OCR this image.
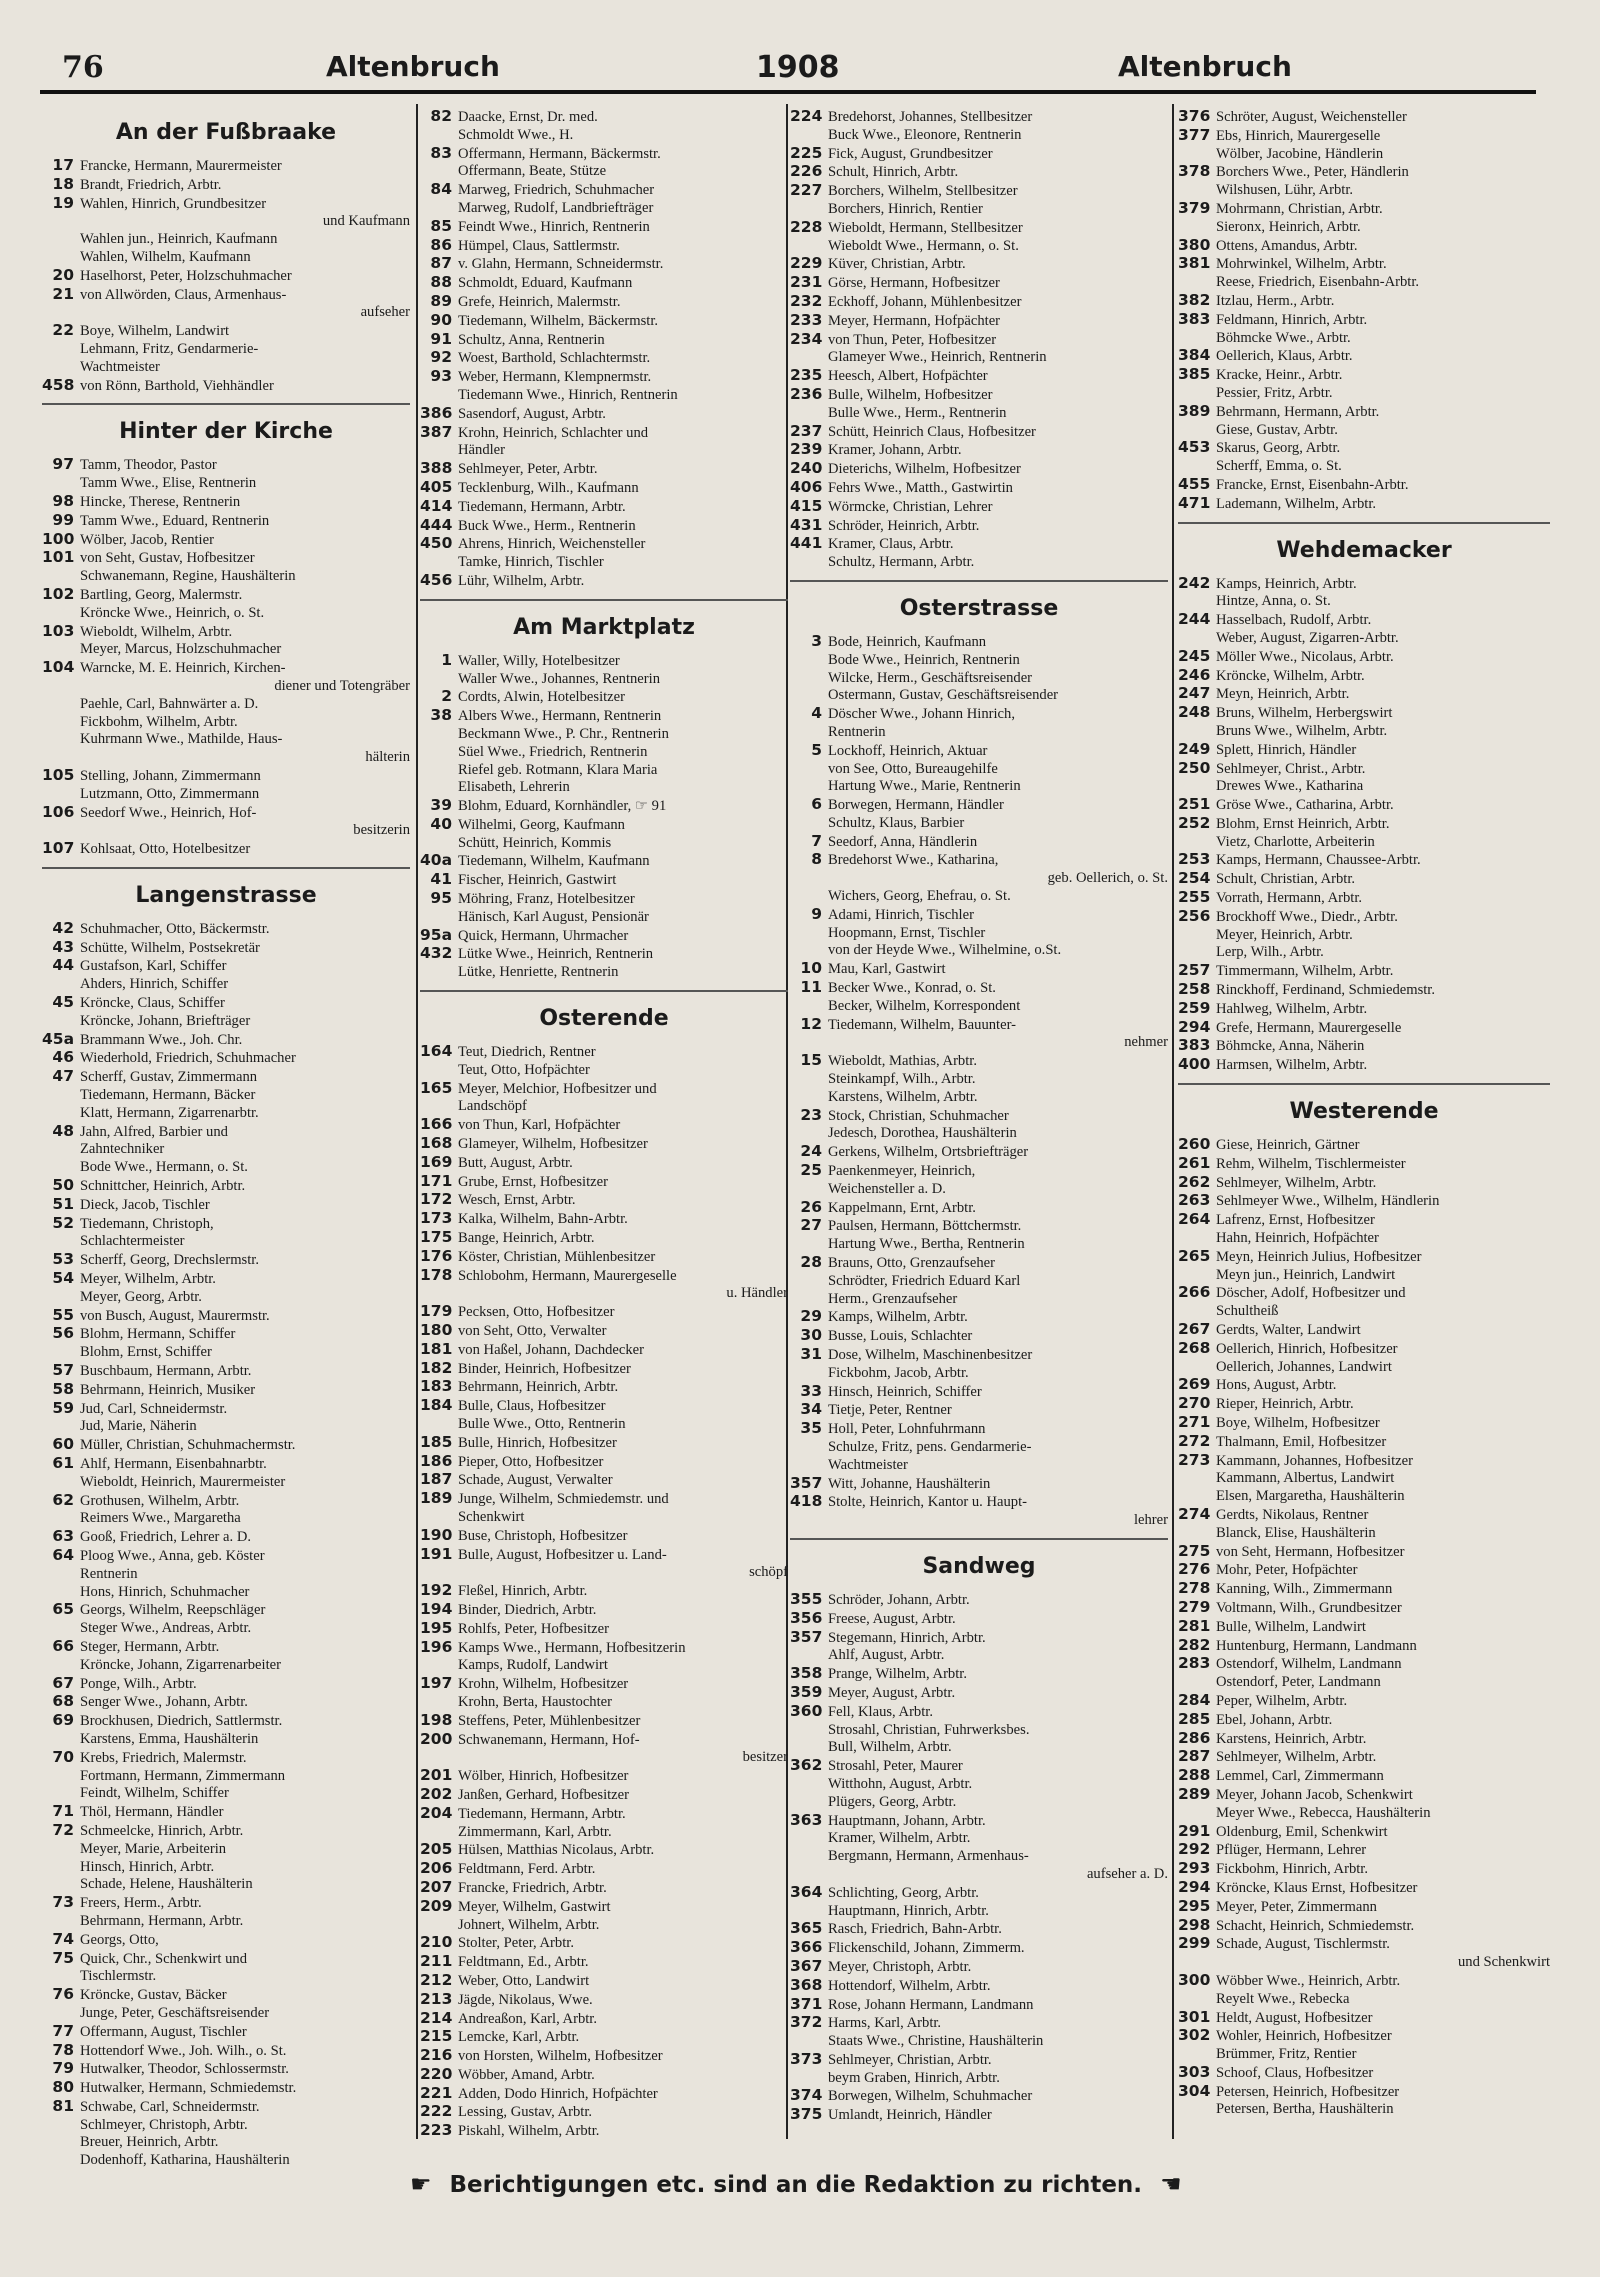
76	Altenbruch	1908	Altenbruch
An der Fußbraake
17 Francke, Hermann, Maurermeister
18 Brandt, Friedrich, Arbtr.
19 Wahlen, Hinrich, Grundbesitzer
und Kaufmann
Wahlen jun., Heinrich, Kaufmann
Wahlen, Wilhelm, Kaufmann
20 Haselhorst, Peter, Holzschuhmacher
21 von Allwörden, Claus, Armenhaus-
aufseher
22 Boye, Wilhelm, Landwirt
Lehmann, Fritz, Gendarmerie-
Wachtmeister
458 von Rönn, Barthold, Viehhändler
Hinter der Kirche
97 Tamm, Theodor, Pastor
Tamm Wwe., Elise, Rentnerin
98 Hincke, Therese, Rentnerin
99 Tamm Wwe., Eduard, Rentnerin
100 Wölber, Jacob, Rentier
101 von Seht, Gustav, Hofbesitzer
Schwanemann, Regine, Haushälterin
102 Bartling, Georg, Malermstr.
Kröncke Wwe., Heinrich, o. St.
103 Wieboldt, Wilhelm, Arbtr.
Meyer, Marcus, Holzschuhmacher
104 Warncke, M. E. Heinrich, Kirchen-
diener und Totengräber
Paehle, Carl, Bahnwärter a. D.
Fickbohm, Wilhelm, Arbtr.
Kuhrmann Wwe., Mathilde, Haus-
hälterin
105 Stelling, Johann, Zimmermann
Lutzmann, Otto, Zimmermann
106 Seedorf Wwe., Heinrich, Hof-
besitzerin
107 Kohlsaat, Otto, Hotelbesitzer
Langenstrasse
42 Schuhmacher, Otto, Bäckermstr.
43 Schütte, Wilhelm, Postsekretär
44 Gustafson, Karl, Schiffer
Ahders, Hinrich, Schiffer
45 Kröncke, Claus, Schiffer
Kröncke, Johann, Briefträger
45a Brammann Wwe., Joh. Chr.
46 Wiederhold, Friedrich, Schuhmacher
47 Scherff, Gustav, Zimmermann
Tiedemann, Hermann, Bäcker
Klatt, Hermann, Zigarrenarbtr.
48 Jahn, Alfred, Barbier und
Zahntechniker
Bode Wwe., Hermann, o. St.
50 Schnittcher, Heinrich, Arbtr.
51 Dieck, Jacob, Tischler
52 Tiedemann, Christoph,
Schlachtermeister
53 Scherff, Georg, Drechslermstr.
54 Meyer, Wilhelm, Arbtr.
Meyer, Georg, Arbtr.
55 von Busch, August, Maurermstr.
56 Blohm, Hermann, Schiffer
Blohm, Ernst, Schiffer
57 Buschbaum, Hermann, Arbtr.
58 Behrmann, Heinrich, Musiker
59 Jud, Carl, Schneidermstr.
Jud, Marie, Näherin
60 Müller, Christian, Schuhmachermstr.
61 Ahlf, Hermann, Eisenbahnarbtr.
Wieboldt, Heinrich, Maurermeister
62 Grothusen, Wilhelm, Arbtr.
Reimers Wwe., Margaretha
63 Gooß, Friedrich, Lehrer a. D.
64 Ploog Wwe., Anna, geb. Köster
Rentnerin
Hons, Hinrich, Schuhmacher
65 Georgs, Wilhelm, Reepschläger
Steger Wwe., Andreas, Arbtr.
66 Steger, Hermann, Arbtr.
Kröncke, Johann, Zigarrenarbeiter
67 Ponge, Wilh., Arbtr.
68 Senger Wwe., Johann, Arbtr.
69 Brockhusen, Diedrich, Sattlermstr.
Karstens, Emma, Haushälterin
70 Krebs, Friedrich, Malermstr.
Fortmann, Hermann, Zimmermann
Feindt, Wilhelm, Schiffer
71 Thöl, Hermann, Händler
72 Schmeelcke, Hinrich, Arbtr.
Meyer, Marie, Arbeiterin
Hinsch, Hinrich, Arbtr.
Schade, Helene, Haushälterin
73 Freers, Herm., Arbtr.
Behrmann, Hermann, Arbtr.
74 Georgs, Otto,
75 Quick, Chr., Schenkwirt und
Tischlermstr.
76 Kröncke, Gustav, Bäcker
Junge, Peter, Geschäftsreisender
77 Offermann, August, Tischler
78 Hottendorf Wwe., Joh. Wilh., o. St.
79 Hutwalker, Theodor, Schlossermstr.
80 Hutwalker, Hermann, Schmiedemstr.
81 Schwabe, Carl, Schneidermstr.
Schlmeyer, Christoph, Arbtr.
Breuer, Heinrich, Arbtr.
Dodenhoff, Katharina, Haushälterin
82 Daacke, Ernst, Dr. med.
Schmoldt Wwe., H.
83 Offermann, Hermann, Bäckermstr.
Offermann, Beate, Stütze
84 Marweg, Friedrich, Schuhmacher
Marweg, Rudolf, Landbriefträger
85 Feindt Wwe., Hinrich, Rentnerin
86 Hümpel, Claus, Sattlermstr.
87 v. Glahn, Hermann, Schneidermstr.
88 Schmoldt, Eduard, Kaufmann
89 Grefe, Heinrich, Malermstr.
90 Tiedemann, Wilhelm, Bäckermstr.
91 Schultz, Anna, Rentnerin
92 Woest, Barthold, Schlachtermstr.
93 Weber, Hermann, Klempnermstr.
Tiedemann Wwe., Hinrich, Rentnerin
386 Sasendorf, August, Arbtr.
387 Krohn, Heinrich, Schlachter und
Händler
388 Sehlmeyer, Peter, Arbtr.
405 Tecklenburg, Wilh., Kaufmann
414 Tiedemann, Hermann, Arbtr.
444 Buck Wwe., Herm., Rentnerin
450 Ahrens, Hinrich, Weichensteller
Tamke, Hinrich, Tischler
456 Lühr, Wilhelm, Arbtr.
Am Marktplatz
1 Waller, Willy, Hotelbesitzer
Waller Wwe., Johannes, Rentnerin
2 Cordts, Alwin, Hotelbesitzer
38 Albers Wwe., Hermann, Rentnerin
Beckmann Wwe., P. Chr., Rentnerin
Süel Wwe., Friedrich, Rentnerin
Riefel geb. Rotmann, Klara Maria
Elisabeth, Lehrerin
39 Blohm, Eduard, Kornhändler, ☞ 91
40 Wilhelmi, Georg, Kaufmann
Schütt, Heinrich, Kommis
40a Tiedemann, Wilhelm, Kaufmann
41 Fischer, Heinrich, Gastwirt
95 Möhring, Franz, Hotelbesitzer
Hänisch, Karl August, Pensionär
95a Quick, Hermann, Uhrmacher
432 Lütke Wwe., Heinrich, Rentnerin
Lütke, Henriette, Rentnerin
Osterende
164 Teut, Diedrich, Rentner
Teut, Otto, Hofpächter
165 Meyer, Melchior, Hofbesitzer und
Landschöpf
166 von Thun, Karl, Hofpächter
168 Glameyer, Wilhelm, Hofbesitzer
169 Butt, August, Arbtr.
171 Grube, Ernst, Hofbesitzer
172 Wesch, Ernst, Arbtr.
173 Kalka, Wilhelm, Bahn-Arbtr.
175 Bange, Heinrich, Arbtr.
176 Köster, Christian, Mühlenbesitzer
178 Schlobohm, Hermann, Maurergeselle
u. Händler
179 Pecksen, Otto, Hofbesitzer
180 von Seht, Otto, Verwalter
181 von Haßel, Johann, Dachdecker
182 Binder, Heinrich, Hofbesitzer
183 Behrmann, Heinrich, Arbtr.
184 Bulle, Claus, Hofbesitzer
Bulle Wwe., Otto, Rentnerin
185 Bulle, Hinrich, Hofbesitzer
186 Pieper, Otto, Hofbesitzer
187 Schade, August, Verwalter
189 Junge, Wilhelm, Schmiedemstr. und
Schenkwirt
190 Buse, Christoph, Hofbesitzer
191 Bulle, August, Hofbesitzer u. Land-
schöpf
192 Fleßel, Hinrich, Arbtr.
194 Binder, Diedrich, Arbtr.
195 Rohlfs, Peter, Hofbesitzer
196 Kamps Wwe., Hermann, Hofbesitzerin
Kamps, Rudolf, Landwirt
197 Krohn, Wilhelm, Hofbesitzer
Krohn, Berta, Haustochter
198 Steffens, Peter, Mühlenbesitzer
200 Schwanemann, Hermann, Hof-
besitzer
201 Wölber, Hinrich, Hofbesitzer
202 Janßen, Gerhard, Hofbesitzer
204 Tiedemann, Hermann, Arbtr.
Zimmermann, Karl, Arbtr.
205 Hülsen, Matthias Nicolaus, Arbtr.
206 Feldtmann, Ferd. Arbtr.
207 Francke, Friedrich, Arbtr.
209 Meyer, Wilhelm, Gastwirt
Johnert, Wilhelm, Arbtr.
210 Stolter, Peter, Arbtr.
211 Feldtmann, Ed., Arbtr.
212 Weber, Otto, Landwirt
213 Jägde, Nikolaus, Wwe.
214 Andreaßon, Karl, Arbtr.
215 Lemcke, Karl, Arbtr.
216 von Horsten, Wilhelm, Hofbesitzer
220 Wöbber, Amand, Arbtr.
221 Adden, Dodo Hinrich, Hofpächter
222 Lessing, Gustav, Arbtr.
223 Piskahl, Wilhelm, Arbtr.
224 Bredehorst, Johannes, Stellbesitzer
Buck Wwe., Eleonore, Rentnerin
225 Fick, August, Grundbesitzer
226 Schult, Hinrich, Arbtr.
227 Borchers, Wilhelm, Stellbesitzer
Borchers, Hinrich, Rentier
228 Wieboldt, Hermann, Stellbesitzer
Wieboldt Wwe., Hermann, o. St.
229 Küver, Christian, Arbtr.
231 Görse, Hermann, Hofbesitzer
232 Eckhoff, Johann, Mühlenbesitzer
233 Meyer, Hermann, Hofpächter
234 von Thun, Peter, Hofbesitzer
Glameyer Wwe., Heinrich, Rentnerin
235 Heesch, Albert, Hofpächter
236 Bulle, Wilhelm, Hofbesitzer
Bulle Wwe., Herm., Rentnerin
237 Schütt, Heinrich Claus, Hofbesitzer
239 Kramer, Johann, Arbtr.
240 Dieterichs, Wilhelm, Hofbesitzer
406 Fehrs Wwe., Matth., Gastwirtin
415 Wörmcke, Christian, Lehrer
431 Schröder, Heinrich, Arbtr.
441 Kramer, Claus, Arbtr.
Schultz, Hermann, Arbtr.
Osterstrasse
3 Bode, Heinrich, Kaufmann
Bode Wwe., Heinrich, Rentnerin
Wilcke, Herm., Geschäftsreisender
Ostermann, Gustav, Geschäftsreisender
4 Döscher Wwe., Johann Hinrich,
Rentnerin
5 Lockhoff, Heinrich, Aktuar
von See, Otto, Bureaugehilfe
Hartung Wwe., Marie, Rentnerin
6 Borwegen, Hermann, Händler
Schultz, Klaus, Barbier
7 Seedorf, Anna, Händlerin
8 Bredehorst Wwe., Katharina,
geb. Oellerich, o. St.
Wichers, Georg, Ehefrau, o. St.
9 Adami, Hinrich, Tischler
Hoopmann, Ernst, Tischler
von der Heyde Wwe., Wilhelmine, o.St.
10 Mau, Karl, Gastwirt
11 Becker Wwe., Konrad, o. St.
Becker, Wilhelm, Korrespondent
12 Tiedemann, Wilhelm, Bauunter-
nehmer
15 Wieboldt, Mathias, Arbtr.
Steinkampf, Wilh., Arbtr.
Karstens, Wilhelm, Arbtr.
23 Stock, Christian, Schuhmacher
Jedesch, Dorothea, Haushälterin
24 Gerkens, Wilhelm, Ortsbriefträger
25 Paenkenmeyer, Heinrich,
Weichensteller a. D.
26 Kappelmann, Ernt, Arbtr.
27 Paulsen, Hermann, Böttchermstr.
Hartung Wwe., Bertha, Rentnerin
28 Brauns, Otto, Grenzaufseher
Schrödter, Friedrich Eduard Karl
Herm., Grenzaufseher
29 Kamps, Wilhelm, Arbtr.
30 Busse, Louis, Schlachter
31 Dose, Wilhelm, Maschinenbesitzer
Fickbohm, Jacob, Arbtr.
33 Hinsch, Heinrich, Schiffer
34 Tietje, Peter, Rentner
35 Holl, Peter, Lohnfuhrmann
Schulze, Fritz, pens. Gendarmerie-
Wachtmeister
357 Witt, Johanne, Haushälterin
418 Stolte, Heinrich, Kantor u. Haupt-
lehrer
Sandweg
355 Schröder, Johann, Arbtr.
356 Freese, August, Arbtr.
357 Stegemann, Hinrich, Arbtr.
Ahlf, August, Arbtr.
358 Prange, Wilhelm, Arbtr.
359 Meyer, August, Arbtr.
360 Fell, Klaus, Arbtr.
Strosahl, Christian, Fuhrwerksbes.
Bull, Wilhelm, Arbtr.
362 Strosahl, Peter, Maurer
Witthohn, August, Arbtr.
Plügers, Georg, Arbtr.
363 Hauptmann, Johann, Arbtr.
Kramer, Wilhelm, Arbtr.
Bergmann, Hermann, Armenhaus-
aufseher a. D.
364 Schlichting, Georg, Arbtr.
Hauptmann, Hinrich, Arbtr.
365 Rasch, Friedrich, Bahn-Arbtr.
366 Flickenschild, Johann, Zimmerm.
367 Meyer, Christoph, Arbtr.
368 Hottendorf, Wilhelm, Arbtr.
371 Rose, Johann Hermann, Landmann
372 Harms, Karl, Arbtr.
Staats Wwe., Christine, Haushälterin
373 Sehlmeyer, Christian, Arbtr.
beym Graben, Hinrich, Arbtr.
374 Borwegen, Wilhelm, Schuhmacher
375 Umlandt, Heinrich, Händler
376 Schröter, August, Weichensteller
377 Ebs, Hinrich, Maurergeselle
Wölber, Jacobine, Händlerin
378 Borchers Wwe., Peter, Händlerin
Wilshusen, Lühr, Arbtr.
379 Mohrmann, Christian, Arbtr.
Sieronx, Heinrich, Arbtr.
380 Ottens, Amandus, Arbtr.
381 Mohrwinkel, Wilhelm, Arbtr.
Reese, Friedrich, Eisenbahn-Arbtr.
382 Itzlau, Herm., Arbtr.
383 Feldmann, Hinrich, Arbtr.
Böhmcke Wwe., Arbtr.
384 Oellerich, Klaus, Arbtr.
385 Kracke, Heinr., Arbtr.
Pessier, Fritz, Arbtr.
389 Behrmann, Hermann, Arbtr.
Giese, Gustav, Arbtr.
453 Skarus, Georg, Arbtr.
Scherff, Emma, o. St.
455 Francke, Ernst, Eisenbahn-Arbtr.
471 Lademann, Wilhelm, Arbtr.
Wehdemacker
242 Kamps, Heinrich, Arbtr.
Hintze, Anna, o. St.
244 Hasselbach, Rudolf, Arbtr.
Weber, August, Zigarren-Arbtr.
245 Möller Wwe., Nicolaus, Arbtr.
246 Kröncke, Wilhelm, Arbtr.
247 Meyn, Heinrich, Arbtr.
248 Bruns, Wilhelm, Herbergswirt
Bruns Wwe., Wilhelm, Arbtr.
249 Splett, Hinrich, Händler
250 Sehlmeyer, Christ., Arbtr.
Drewes Wwe., Katharina
251 Gröse Wwe., Catharina, Arbtr.
252 Blohm, Ernst Heinrich, Arbtr.
Vietz, Charlotte, Arbeiterin
253 Kamps, Hermann, Chaussee-Arbtr.
254 Schult, Christian, Arbtr.
255 Vorrath, Hermann, Arbtr.
256 Brockhoff Wwe., Diedr., Arbtr.
Meyer, Heinrich, Arbtr.
Lerp, Wilh., Arbtr.
257 Timmermann, Wilhelm, Arbtr.
258 Rinckhoff, Ferdinand, Schmiedemstr.
259 Hahlweg, Wilhelm, Arbtr.
294 Grefe, Hermann, Maurergeselle
383 Böhmcke, Anna, Näherin
400 Harmsen, Wilhelm, Arbtr.
Westerende
260 Giese, Heinrich, Gärtner
261 Rehm, Wilhelm, Tischlermeister
262 Sehlmeyer, Wilhelm, Arbtr.
263 Sehlmeyer Wwe., Wilhelm, Händlerin
264 Lafrenz, Ernst, Hofbesitzer
Hahn, Heinrich, Hofpächter
265 Meyn, Heinrich Julius, Hofbesitzer
Meyn jun., Heinrich, Landwirt
266 Döscher, Adolf, Hofbesitzer und
Schultheiß
267 Gerdts, Walter, Landwirt
268 Oellerich, Hinrich, Hofbesitzer
Oellerich, Johannes, Landwirt
269 Hons, August, Arbtr.
270 Rieper, Heinrich, Arbtr.
271 Boye, Wilhelm, Hofbesitzer
272 Thalmann, Emil, Hofbesitzer
273 Kammann, Johannes, Hofbesitzer
Kammann, Albertus, Landwirt
Elsen, Margaretha, Haushälterin
274 Gerdts, Nikolaus, Rentner
Blanck, Elise, Haushälterin
275 von Seht, Hermann, Hofbesitzer
276 Mohr, Peter, Hofpächter
278 Kanning, Wilh., Zimmermann
279 Voltmann, Wilh., Grundbesitzer
281 Bulle, Wilhelm, Landwirt
282 Huntenburg, Hermann, Landmann
283 Ostendorf, Wilhelm, Landmann
Ostendorf, Peter, Landmann
284 Peper, Wilhelm, Arbtr.
285 Ebel, Johann, Arbtr.
286 Karstens, Heinrich, Arbtr.
287 Sehlmeyer, Wilhelm, Arbtr.
288 Lemmel, Carl, Zimmermann
289 Meyer, Johann Jacob, Schenkwirt
Meyer Wwe., Rebecca, Haushälterin
291 Oldenburg, Emil, Schenkwirt
292 Pflüger, Hermann, Lehrer
293 Fickbohm, Hinrich, Arbtr.
294 Kröncke, Klaus Ernst, Hofbesitzer
295 Meyer, Peter, Zimmermann
298 Schacht, Heinrich, Schmiedemstr.
299 Schade, August, Tischlermstr.
und Schenkwirt
300 Wöbber Wwe., Heinrich, Arbtr.
Reyelt Wwe., Rebecka
301 Heldt, August, Hofbesitzer
302 Wohler, Heinrich, Hofbesitzer
Brümmer, Fritz, Rentier
303 Schoof, Claus, Hofbesitzer
304 Petersen, Heinrich, Hofbesitzer
Petersen, Bertha, Haushälterin
☛ Berichtigungen etc. sind an die Redaktion zu richten. ☚
